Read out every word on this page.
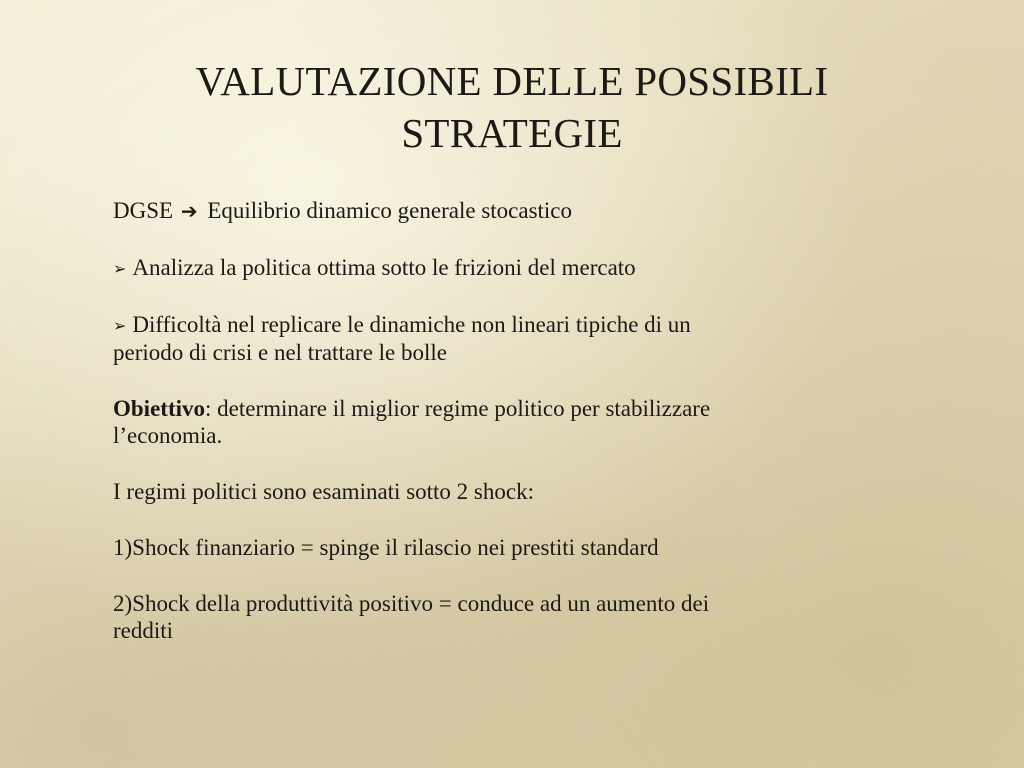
VALUTAZIONE DELLE POSSIBILI
STRATEGIE

DGSE ➔ Equilibrio dinamico generale stocastico

➢ Analizza la politica ottima sotto le frizioni del mercato

➢ Difficoltà nel replicare le dinamiche non lineari tipiche di un
periodo di crisi e nel trattare le bolle

Obiettivo: determinare il miglior regime politico per stabilizzare
l’economia.

I regimi politici sono esaminati sotto 2 shock:

1)Shock finanziario = spinge il rilascio nei prestiti standard

2)Shock della produttività positivo = conduce ad un aumento dei
redditi
